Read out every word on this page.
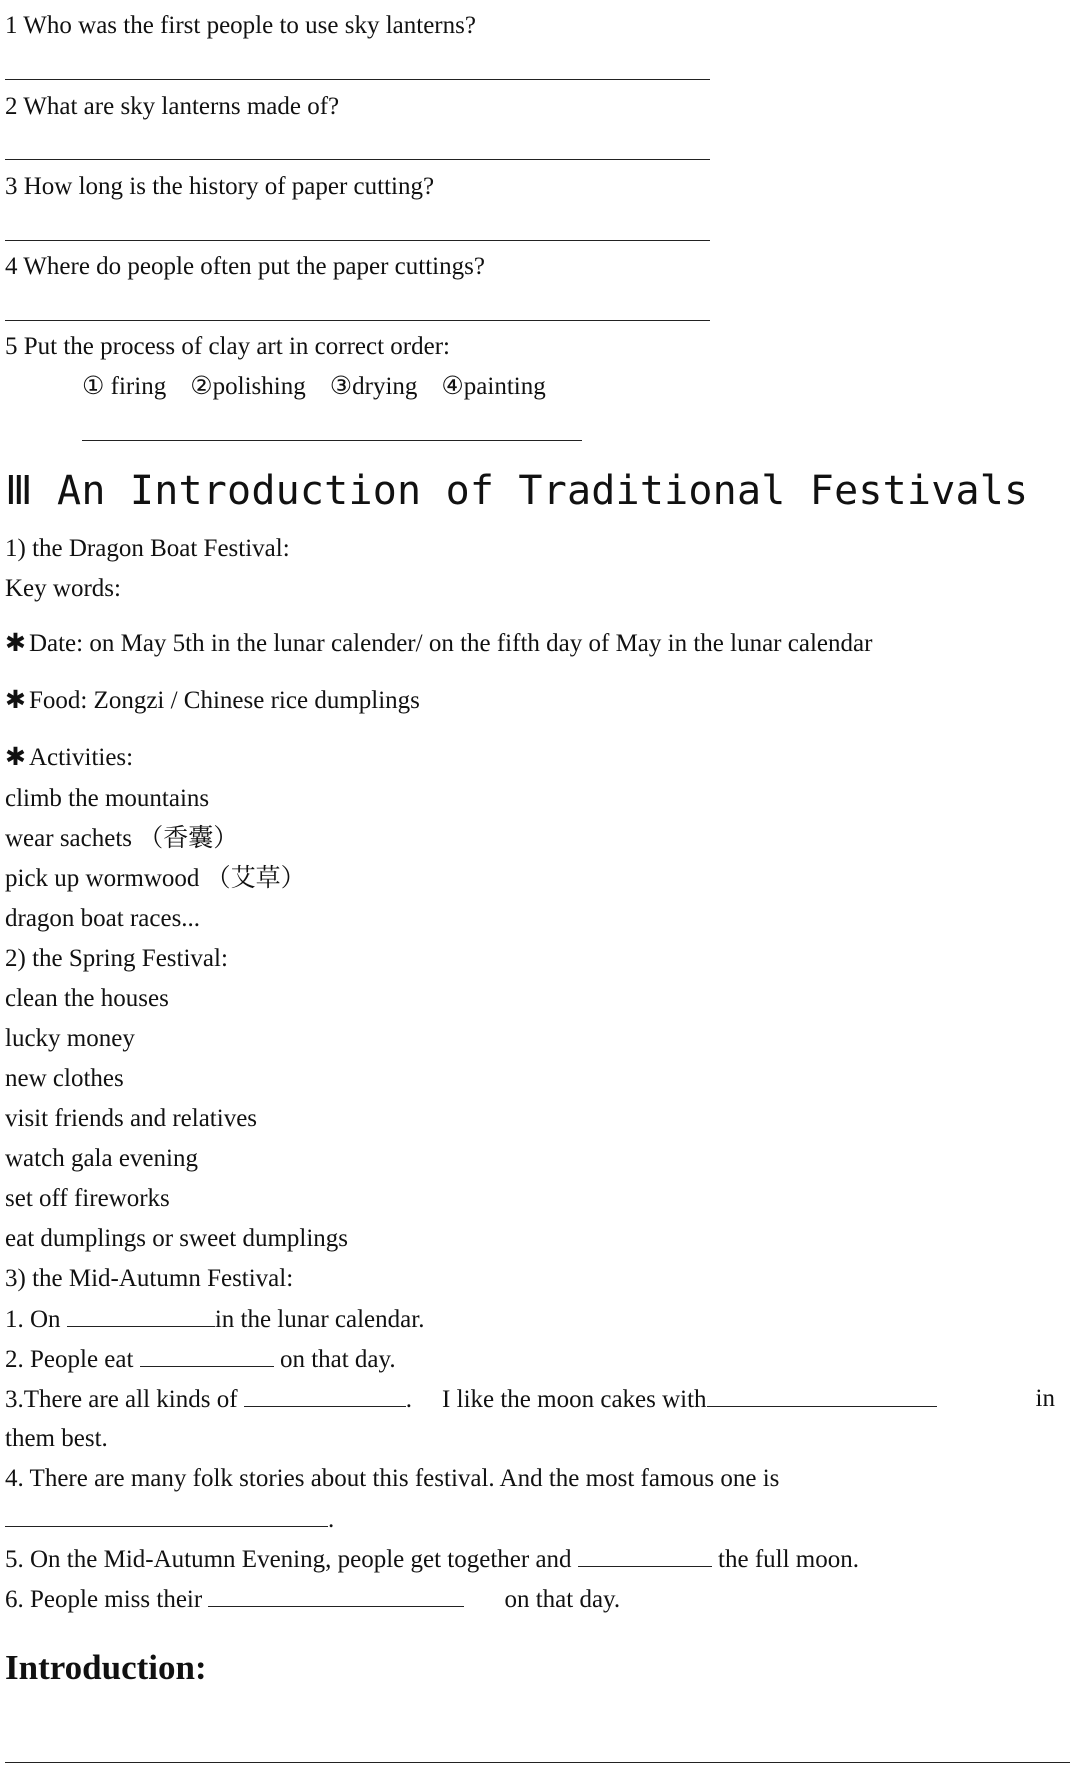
1 Who was the first people to use sky lanterns?
2 What are sky lanterns made of?
3 How long is the history of paper cutting?
4 Where do people often put the paper cuttings?
5 Put the process of clay art in correct order:
① firing ②polishing ③drying ④painting
Ⅲ An Introduction of Traditional Festivals
1) the Dragon Boat Festival:
Key words:
✱ Date: on May 5th in the lunar calender/ on the fifth day of May in the lunar calendar
✱ Food: Zongzi / Chinese rice dumplings
✱ Activities:
climb the mountains
wear sachets （香囊）
pick up wormwood （艾草）
dragon boat races...
2) the Spring Festival:
clean the houses
lucky money
new clothes
visit friends and relatives
watch gala evening
set off fireworks
eat dumplings or sweet dumplings
3) the Mid-Autumn Festival:
1. On	in the lunar calendar.
2. People eat	on that day.
3.There are all kinds of	. I like the moon cakes with	in
them best.
4. There are many folk stories about this festival. And the most famous one is
.
5. On the Mid-Autumn Evening, people get together and	the full moon.
6. People miss their	on that day.
Introduction:
